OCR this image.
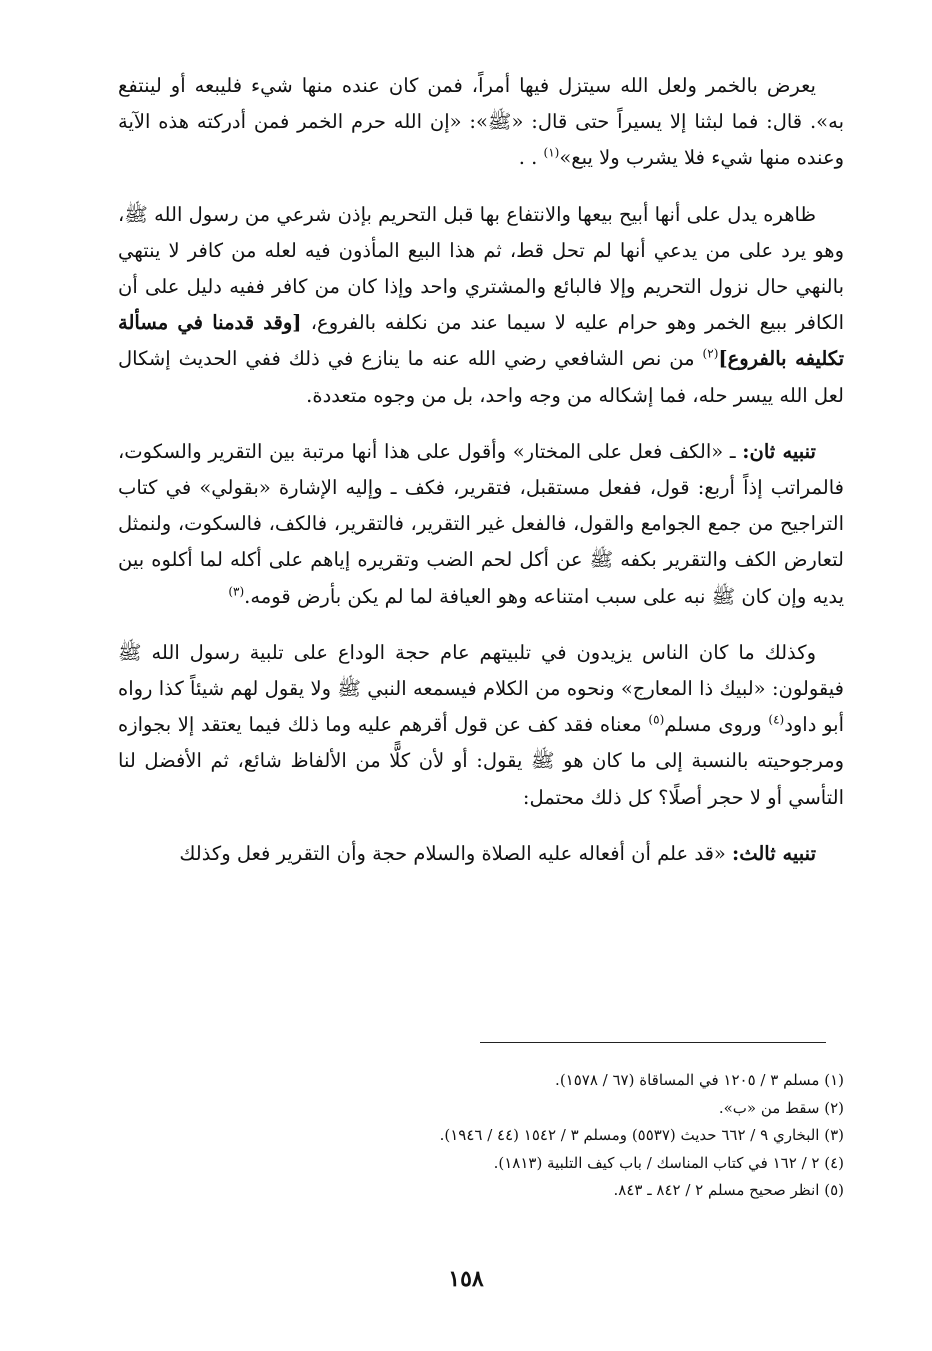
يعرض بالخمر ولعل الله سيتزل فيها أمراً، فمن كان عنده منها شيء فليبعه أو لينتفع به». قال: فما لبثنا إلا يسيراً حتى قال: «ﷺ»: «إن الله حرم الخمر فمن أدركته هذه الآية وعنده منها شيء فلا يشرب ولا يبع»$^{(١)}$ . .

ظاهره يدل على أنها أبيح بيعها والانتفاع بها قبل التحريم بإذن شرعي من رسول الله ﷺ، وهو يرد على من يدعي أنها لم تحل قط، ثم هذا البيع المأذون فيه لعله من كافر لا ينتهي بالنهي حال نزول التحريم وإلا فالبائع والمشتري واحد وإذا كان من كافر ففيه دليل على أن الكافر ببيع الخمر وهو حرام عليه لا سيما عند من نكلفه بالفروع، [وقد قدمنا في مسألة تكليفه بالفروع]$^{(٢)}$ من نص الشافعي رضي الله عنه ما ينازع في ذلك ففي الحديث إشكال لعل الله ييسر حله، فما إشكاله من وجه واحد، بل من وجوه متعددة.

تنبيه ثان: ـ «الكف فعل على المختار» وأقول على هذا أنها مرتبة بين التقرير والسكوت، فالمراتب إذاً أربع: قول، ففعل مستقبل، فتقرير، فكف ـ وإليه الإشارة «بقولي» في كتاب التراجيح من جمع الجوامع والقول، فالفعل غير التقرير، فالتقرير، فالكف، فالسكوت، ولنمثل لتعارض الكف والتقرير بكفه ﷺ عن أكل لحم الضب وتقريره إياهم على أكله لما أكلوه بين يديه وإن كان ﷺ نبه على سبب امتناعه وهو العيافة لما لم يكن بأرض قومه.$^{(٣)}$

وكذلك ما كان الناس يزيدون في تلبيتهم عام حجة الوداع على تلبية رسول الله ﷺ فيقولون: «لبيك ذا المعارج» ونحوه من الكلام فيسمعه النبي ﷺ ولا يقول لهم شيئاً كذا رواه أبو داود$^{(٤)}$ وروى مسلم$^{(٥)}$ معناه فقد كف عن قول أقرهم عليه وما ذلك فيما يعتقد إلا بجوازه ومرجوحيته بالنسبة إلى ما كان هو ﷺ يقول: أو لأن كلًّا من الألفاظ شائع، ثم الأفضل لنا التأسي أو لا حجر أصلًا؟ كل ذلك محتمل:

تنبيه ثالث: «قد علم أن أفعاله عليه الصلاة والسلام حجة وأن التقرير فعل وكذلك

(١) مسلم ٣ / ١٢٠٥ في المساقاة (٦٧ / ١٥٧٨).

(٢) سقط من «ب».

(٣) البخاري ٩ / ٦٦٢ حديث (٥٥٣٧) ومسلم ٣ / ١٥٤٢ (٤٤ / ١٩٤٦).

(٤) ٢ / ١٦٢ في كتاب المناسك / باب كيف التلبية (١٨١٣).

(٥) انظر صحيح مسلم ٢ / ٨٤٢ ـ ٨٤٣.

١٥٨
